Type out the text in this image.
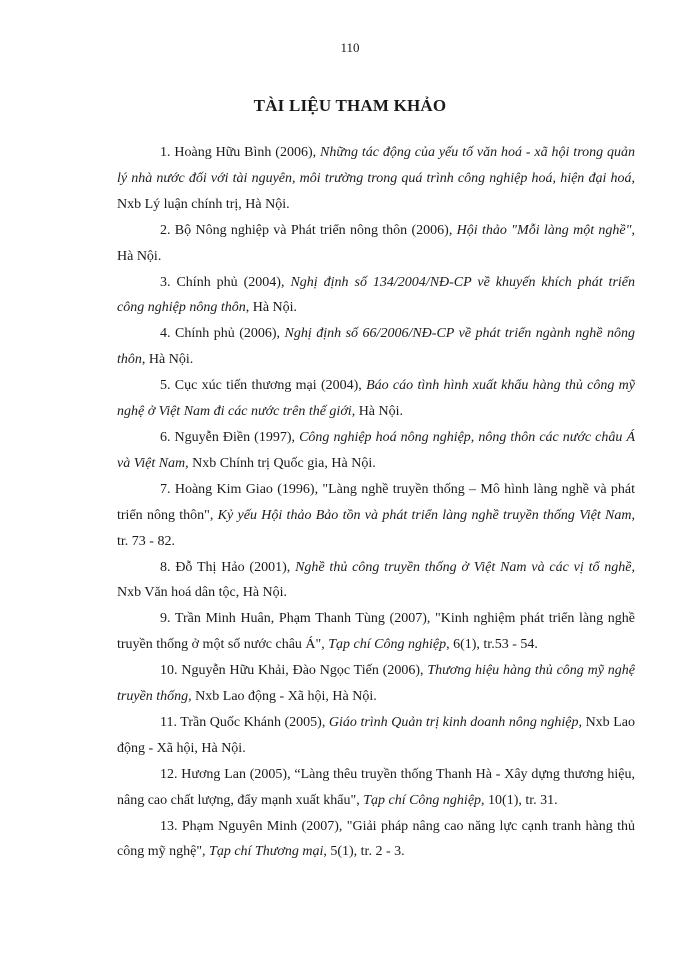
110
TÀI LIỆU THAM KHẢO

1. Hoàng Hữu Bình (2006), Những tác động của yếu tố văn hoá - xã hội trong quản lý nhà nước đối với tài nguyên, môi trường trong quá trình công nghiệp hoá, hiện đại hoá, Nxb Lý luận chính trị, Hà Nội.

2. Bộ Nông nghiệp và Phát triển nông thôn (2006), Hội thảo "Mỗi làng một nghề", Hà Nội.

3. Chính phủ (2004), Nghị định số 134/2004/NĐ-CP về khuyến khích phát triển công nghiệp nông thôn, Hà Nội.

4. Chính phủ (2006), Nghị định số 66/2006/NĐ-CP về phát triển ngành nghề nông thôn, Hà Nội.

5. Cục xúc tiến thương mại (2004), Báo cáo tình hình xuất khẩu hàng thủ công mỹ nghệ ở Việt Nam đi các nước trên thế giới, Hà Nội.

6. Nguyễn Điền (1997), Công nghiệp hoá nông nghiệp, nông thôn các nước châu Á và Việt Nam, Nxb Chính trị Quốc gia, Hà Nội.

7. Hoàng Kim Giao (1996), "Làng nghề truyền thống – Mô hình làng nghề và phát triển nông thôn", Kỷ yếu Hội thảo Bảo tồn và phát triển làng nghề truyền thống Việt Nam, tr. 73 - 82.

8. Đỗ Thị Hảo (2001), Nghề thủ công truyền thống ở Việt Nam và các vị tổ nghề, Nxb Văn hoá dân tộc, Hà Nội.

9. Trần Minh Huân, Phạm Thanh Tùng (2007), "Kinh nghiệm phát triển làng nghề truyền thống ở một số nước châu Á", Tạp chí Công nghiệp, 6(1), tr.53 - 54.

10. Nguyễn Hữu Khải, Đào Ngọc Tiến (2006), Thương hiệu hàng thủ công mỹ nghệ truyền thống, Nxb Lao động - Xã hội, Hà Nội.

11. Trần Quốc Khánh (2005), Giáo trình Quản trị kinh doanh nông nghiệp, Nxb Lao động - Xã hội, Hà Nội.

12. Hương Lan (2005), “Làng thêu truyền thống Thanh Hà - Xây dựng thương hiệu, nâng cao chất lượng, đẩy mạnh xuất khẩu", Tạp chí Công nghiệp, 10(1), tr. 31.

13. Phạm Nguyên Minh (2007), "Giải pháp nâng cao năng lực cạnh tranh hàng thủ công mỹ nghệ", Tạp chí Thương mại, 5(1), tr. 2 - 3.
